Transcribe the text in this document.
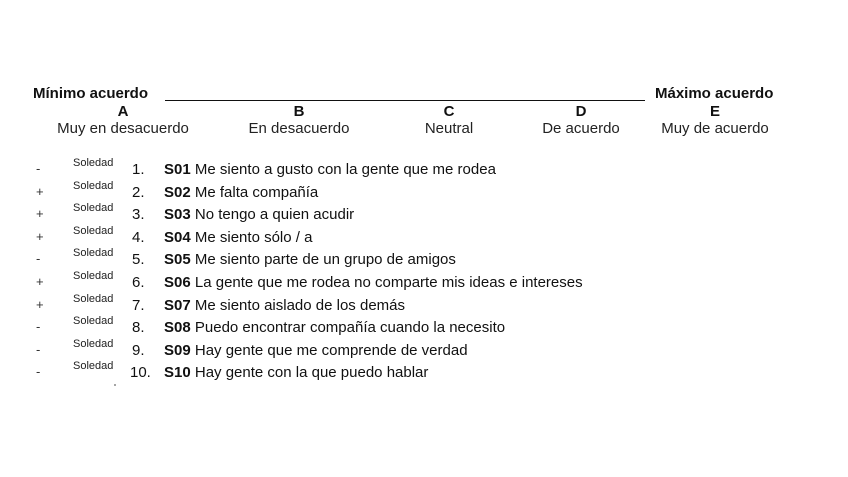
Mínimo acuerdo	Máximo acuerdo
A
Muy en desacuerdo
B
En desacuerdo
C
Neutral
D
De acuerdo
E
Muy de acuerdo
-	Soledad 1. S01 Me siento a gusto con la gente que me rodea
+	Soledad 2. S02 Me falta compañía
+	Soledad 3. S03 No tengo a quien acudir
+	Soledad 4. S04 Me siento sólo / a
-	Soledad 5. S05 Me siento parte de un grupo de amigos
+	Soledad 6. S06 La gente que me rodea no comparte mis ideas e intereses
+	Soledad 7. S07 Me siento aislado de los demás
-	Soledad 8. S08 Puedo encontrar compañía cuando la necesito
-	Soledad 9. S09 Hay gente que me comprende de verdad
-	Soledad 10. S10 Hay gente con la que puedo hablar
